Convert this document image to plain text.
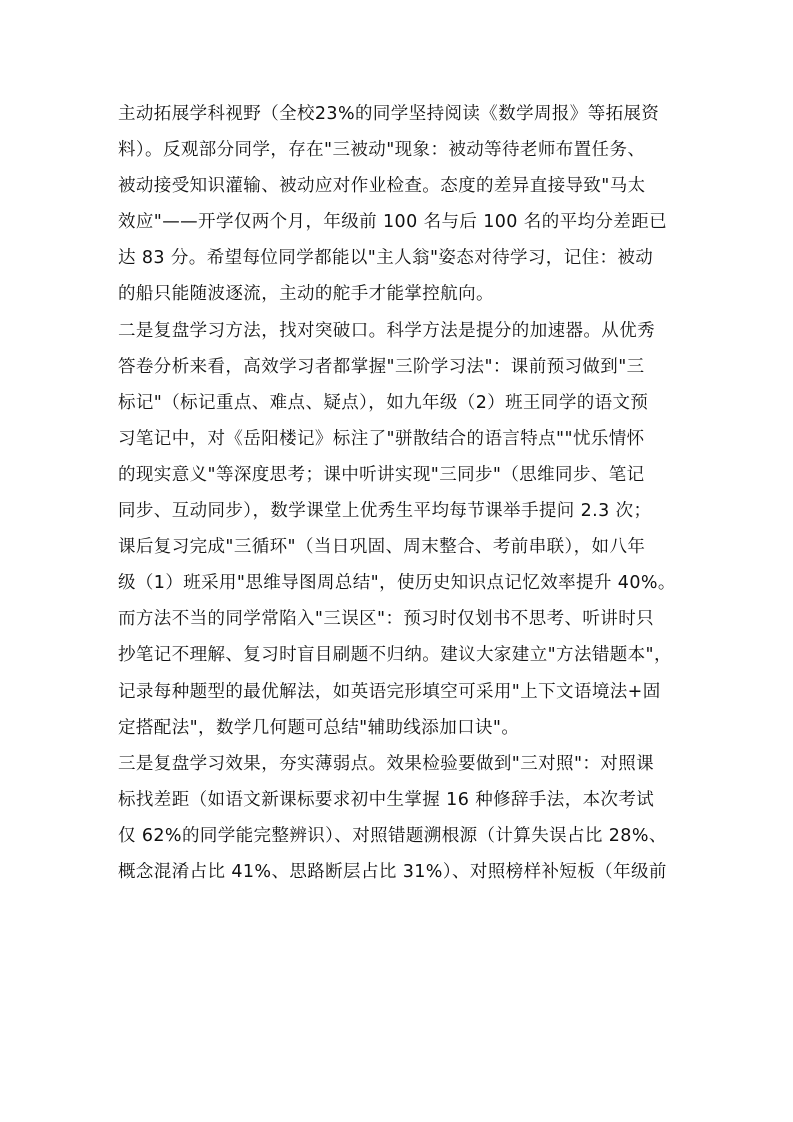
主动拓展学科视野（全校23%的同学坚持阅读《数学周报》等拓展资
料）。反观部分同学，存在"三被动"现象：被动等待老师布置任务、
被动接受知识灌输、被动应对作业检查。态度的差异直接导致"马太
效应"——开学仅两个月，年级前 100 名与后 100 名的平均分差距已
达 83 分。希望每位同学都能以"主人翁"姿态对待学习，记住：被动
的船只能随波逐流，主动的舵手才能掌控航向。

二是复盘学习方法，找对突破口。科学方法是提分的加速器。从优秀
答卷分析来看，高效学习者都掌握"三阶学习法"：课前预习做到"三
标记"（标记重点、难点、疑点），如九年级（2）班王同学的语文预
习笔记中，对《岳阳楼记》标注了"骈散结合的语言特点""忧乐情怀
的现实意义"等深度思考；课中听讲实现"三同步"（思维同步、笔记
同步、互动同步），数学课堂上优秀生平均每节课举手提问 2.3 次；
课后复习完成"三循环"（当日巩固、周末整合、考前串联），如八年
级（1）班采用"思维导图周总结"，使历史知识点记忆效率提升 40%。
而方法不当的同学常陷入"三误区"：预习时仅划书不思考、听讲时只
抄笔记不理解、复习时盲目刷题不归纳。建议大家建立"方法错题本"，
记录每种题型的最优解法，如英语完形填空可采用"上下文语境法+固
定搭配法"，数学几何题可总结"辅助线添加口诀"。

三是复盘学习效果，夯实薄弱点。效果检验要做到"三对照"：对照课
标找差距（如语文新课标要求初中生掌握 16 种修辞手法，本次考试
仅 62%的同学能完整辨识）、对照错题溯根源（计算失误占比 28%、
概念混淆占比 41%、思路断层占比 31%）、对照榜样补短板（年级前
